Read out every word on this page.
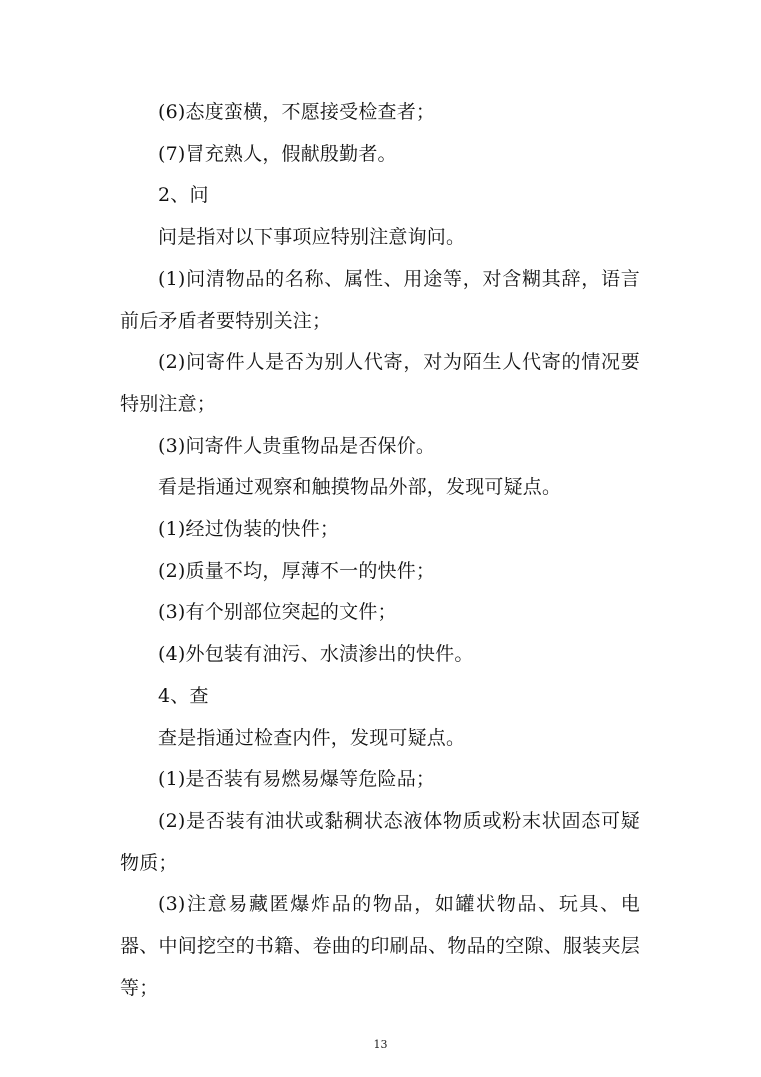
(6)态度蛮横，不愿接受检查者；

(7)冒充熟人，假献殷勤者。

2、问

问是指对以下事项应特别注意询问。

(1)问清物品的名称、属性、用途等，对含糊其辞，语言前后矛盾者要特别关注；

(2)问寄件人是否为别人代寄，对为陌生人代寄的情况要特别注意；

(3)问寄件人贵重物品是否保价。

看是指通过观察和触摸物品外部，发现可疑点。

(1)经过伪装的快件；

(2)质量不均，厚薄不一的快件；

(3)有个别部位突起的文件；

(4)外包装有油污、水渍渗出的快件。

4、查

查是指通过检查内件，发现可疑点。

(1)是否装有易燃易爆等危险品；

(2)是否装有油状或黏稠状态液体物质或粉末状固态可疑物质；

(3)注意易藏匿爆炸品的物品，如罐状物品、玩具、电器、中间挖空的书籍、卷曲的印刷品、物品的空隙、服装夹层等；

13
